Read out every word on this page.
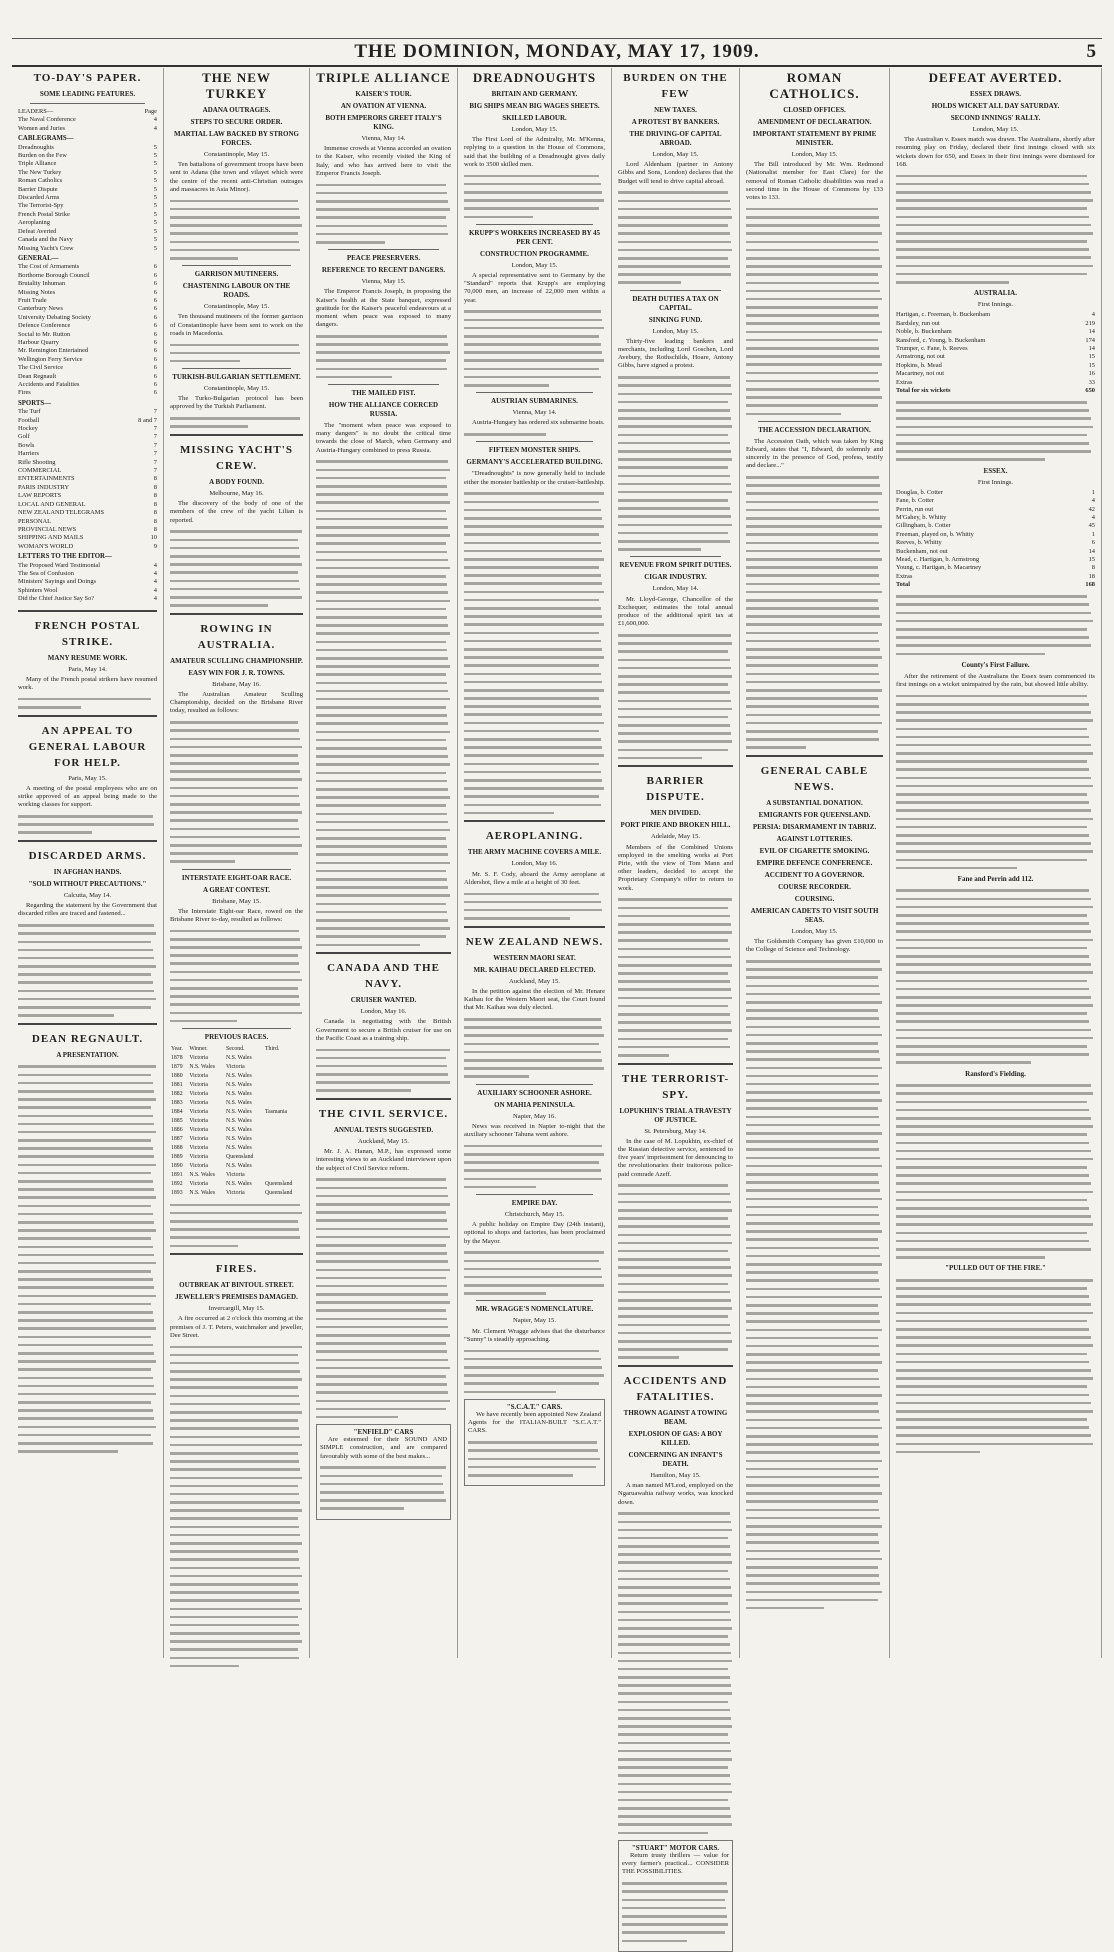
THE DOMINION, MONDAY, MAY 17, 1909.	5
TO-DAY'S PAPER.
SOME LEADING FEATURES.
LEADERS—	Page
The Naval Conference	4
Women and Juries	4
CABLEGRAMS—
Dreadnoughts	5
Burden on the Few	5
Triple Alliance	5
The New Turkey	5
Roman Catholics	5
Barrier Dispute	5
Discarded Arms	5
The Terrorist-Spy	5
French Postal Strike	5
Aeroplaning	5
Defeat Averted	5
Canada and the Navy	5
Missing Yacht's Crew	5
GENERAL—
The Cost of Armaments	6
Borthorne Borough Council	6
Brutality Inhuman	6
Missing Notes	6
Fruit Trade	6
Canterbury News	6
University Debating Society	6
Defence Conference	6
Social to Mr. Rutton	6
Harbour Quarry	6
Mr. Remington Entertained	6
Wellington Ferry Service	6
The Civil Service	6
Dean Regnault	6
Accidents and Fatalities	6
Fires	6
SPORTS—
The Turf	7
Football	8 and 7
Hockey	7
Golf	7
Bowls	7
Harriers	7
Rifle Shooting	7
COMMERCIAL	7
ENTERTAINMENTS	8
PARIS INDUSTRY	8
LAW REPORTS	8
LOCAL AND GENERAL	8
NEW ZEALAND TELEGRAMS	8
PERSONAL	8
PROVINCIAL NEWS	8
SHIPPING AND MAILS	10
WOMAN'S WORLD	9
LETTERS TO THE EDITOR—
The Proposed Ward Testimonial	4
The Sea of Confusion	4
Ministers' Sayings and Doings	4
Sphinters Wool	4
Did the Chief Justice Say So?	4
FRENCH POSTAL STRIKE.
MANY RESUME WORK.
Paris, May 14.

Many of the French postal strikers have resumed work.

AN APPEAL TO GENERAL LABOUR FOR HELP.
Paris, May 15.

A meeting of the postal employees who are on strike approved of an appeal being made to the working classes for support.

DISCARDED ARMS.
IN AFGHAN HANDS.
"SOLD WITHOUT PRECAUTIONS."
Calcutta, May 14.

Regarding the statement by the Government that discarded rifles are traced and fastened...

DEAN REGNAULT.
A PRESENTATION.
THE NEW TURKEY
ADANA OUTRAGES.
STEPS TO SECURE ORDER.
MARTIAL LAW BACKED BY STRONG FORCES.
Constantinople, May 15.

Ten battalions of government troops have been sent to Adana (the town and vilayet which were the centre of the recent anti-Christian outrages and massacres in Asia Minor).

GARRISON MUTINEERS.
CHASTENING LABOUR ON THE ROADS.
Constantinople, May 15.

Ten thousand mutineers of the former garrison of Constantinople have been sent to work on the roads in Macedonia.

TURKISH-BULGARIAN SETTLEMENT.
Constantinople, May 15.

The Turko-Bulgarian protocol has been approved by the Turkish Parliament.

MISSING YACHT'S CREW.
A BODY FOUND.
Melbourne, May 16.

The discovery of the body of one of the members of the crew of the yacht Lilian is reported.

ROWING IN AUSTRALIA.
AMATEUR SCULLING CHAMPIONSHIP.
EASY WIN FOR J. R. TOWNS.
Brisbane, May 16.

The Australian Amateur Sculling Championship, decided on the Brisbane River today, resulted as follows:

INTERSTATE EIGHT-OAR RACE.
A GREAT CONTEST.
Brisbane, May 15.

The Interstate Eight-oar Race, rowed on the Brisbane River to-day, resulted as follows:

PREVIOUS RACES.
Year.	Winner.	Second.	Third.
1878	Victoria	N.S. Wales	
1879	N.S. Wales	Victoria	
1880	Victoria	N.S. Wales	
1881	Victoria	N.S. Wales	
1882	Victoria	N.S. Wales	
1883	Victoria	N.S. Wales	
1884	Victoria	N.S. Wales	Tasmania
1885	Victoria	N.S. Wales	
1886	Victoria	N.S. Wales	
1887	Victoria	N.S. Wales	
1888	Victoria	N.S. Wales	
1889	Victoria	Queensland	
1890	Victoria	N.S. Wales	
1891	N.S. Wales	Victoria	
1892	Victoria	N.S. Wales	Queensland
1893	N.S. Wales	Victoria	Queensland
FIRES.
OUTBREAK AT BINTOUL STREET.
JEWELLER'S PREMISES DAMAGED.
Invercargill, May 15.

A fire occurred at 2 o'clock this morning at the premises of J. T. Peters, watchmaker and jeweller, Dee Street.

TRIPLE ALLIANCE
KAISER'S TOUR.
AN OVATION AT VIENNA.
BOTH EMPERORS GREET ITALY'S KING.
Vienna, May 14.

Immense crowds at Vienna accorded an ovation to the Kaiser, who recently visited the King of Italy, and who has arrived here to visit the Emperor Francis Joseph.

PEACE PRESERVERS.
REFERENCE TO RECENT DANGERS.
Vienna, May 15.

The Emperor Francis Joseph, in proposing the Kaiser's health at the State banquet, expressed gratitude for the Kaiser's peaceful endeavours at a moment when peace was exposed to many dangers.

THE MAILED FIST.
HOW THE ALLIANCE COERCED RUSSIA.

The "moment when peace was exposed to many dangers" is no doubt the critical time towards the close of March, when Germany and Austria-Hungary combined to press Russia.

CANADA AND THE NAVY.
CRUISER WANTED.
London, May 16.

Canada is negotiating with the British Government to secure a British cruiser for use on the Pacific Coast as a training ship.

THE CIVIL SERVICE.
ANNUAL TESTS SUGGESTED.
Auckland, May 15.

Mr. J. A. Hanan, M.P., has expressed some interesting views to an Auckland interviewer upon the subject of Civil Service reform.

"ENFIELD" CARS

Are esteemed for their SOUND AND SIMPLE construction, and are compared favourably with some of the best makes...

DREADNOUGHTS
BRITAIN AND GERMANY.
BIG SHIPS MEAN BIG WAGES SHEETS.
SKILLED LABOUR.
London, May 15.

The First Lord of the Admiralty, Mr. M'Kenna, replying to a question in the House of Commons, said that the building of a Dreadnought gives daily work to 3500 skilled men.

KRUPP'S WORKERS INCREASED BY 45 PER CENT.
CONSTRUCTION PROGRAMME.
London, May 15.

A special representative sent to Germany by the "Standard" reports that Krupp's are employing 70,000 men, an increase of 22,000 men within a year.

AUSTRIAN SUBMARINES.
Vienna, May 14.

Austria-Hungary has ordered six submarine boats.

FIFTEEN MONSTER SHIPS.
GERMANY'S ACCELERATED BUILDING.

"Dreadnoughts" is now generally held to include either the monster battleship or the cruiser-battleship.

AEROPLANING.
THE ARMY MACHINE COVERS A MILE.
London, May 16.

Mr. S. F. Cody, aboard the Army aeroplane at Aldershot, flew a mile at a height of 30 feet.

NEW ZEALAND NEWS.
WESTERN MAORI SEAT.
MR. KAIHAU DECLARED ELECTED.
Auckland, May 15.

In the petition against the election of Mr. Henare Kaihau for the Western Maori seat, the Court found that Mr. Kaihau was duly elected.

AUXILIARY SCHOONER ASHORE.
ON MAHIA PENINSULA.
Napier, May 16.

News was received in Napier to-night that the auxiliary schooner Tahuna went ashore.

EMPIRE DAY.
Christchurch, May 15.

A public holiday on Empire Day (24th instant), optional to shops and factories, has been proclaimed by the Mayor.

MR. WRAGGE'S NOMENCLATURE.
Napier, May 15.

Mr. Clement Wragge advises that the disturbance "Sunny" is steadily approaching.

"S.C.A.T." CARS.

We have recently been appointed New Zealand Agents for the ITALIAN-BUILT "S.C.A.T." CARS.

BURDEN ON THE FEW
NEW TAXES.
A PROTEST BY BANKERS.
THE DRIVING-OF CAPITAL ABROAD.
London, May 15.

Lord Aldenham (partner in Antony Gibbs and Sons, London) declares that the Budget will tend to drive capital abroad.

DEATH DUTIES A TAX ON CAPITAL.
SINKING FUND.
London, May 15.

Thirty-five leading bankers and merchants, including Lord Goschen, Lord Avebury, the Rothschilds, Hoare, Antony Gibbs, have signed a protest.

REVENUE FROM SPIRIT DUTIES.
CIGAR INDUSTRY.
London, May 14.

Mr. Lloyd-George, Chancellor of the Exchequer, estimates the total annual produce of the additional spirit tax at £1,600,000.

BARRIER DISPUTE.
MEN DIVIDED.
PORT PIRIE AND BROKEN HILL.
Adelaide, May 15.

Members of the Combined Unions employed in the smelting works at Port Pirie, with the view of Tom Mann and other leaders, decided to accept the Proprietary Company's offer to return to work.

THE TERRORIST-SPY.
LOPUKHIN'S TRIAL A TRAVESTY OF JUSTICE.
St. Petersburg, May 14.

In the case of M. Lopukhin, ex-chief of the Russian detective service, sentenced to five years' imprisonment for denouncing to the revolutionaries their traitorous police-paid comrade Azeff.

ACCIDENTS AND FATALITIES.
THROWN AGAINST A TOWING BEAM.
EXPLOSION OF GAS: A BOY KILLED.
CONCERNING AN INFANT'S DEATH.
Hamilton, May 15.

A man named M'Leod, employed on the Ngaruawahia railway works, was knocked down.

"STUART" MOTOR CARS.

Return trusty thrillers — value for every farmer's practical... CONSIDER THE POSSIBILITIES.

ROMAN CATHOLICS.
CLOSED OFFICES.
AMENDMENT OF DECLARATION.
IMPORTANT STATEMENT BY PRIME MINISTER.
London, May 15.

The Bill introduced by Mr. Wm. Redmond (Nationalist member for East Clare) for the removal of Roman Catholic disabilities was read a second time in the House of Commons by 133 votes to 133.

THE ACCESSION DECLARATION.

The Accession Oath, which was taken by King Edward, states that "I, Edward, do solemnly and sincerely in the presence of God, profess, testify and declare..."

GENERAL CABLE NEWS.
A SUBSTANTIAL DONATION.
EMIGRANTS FOR QUEENSLAND.
PERSIA: DISARMAMENT IN TABRIZ.
AGAINST LOTTERIES.
EVIL OF CIGARETTE SMOKING.
EMPIRE DEFENCE CONFERENCE.
ACCIDENT TO A GOVERNOR.
COURSE RECORDER.
COURSING.
AMERICAN CADETS TO VISIT SOUTH SEAS.
London, May 15.

The Goldsmith Company has given £10,000 to the College of Science and Technology.

DEFEAT AVERTED.
ESSEX DRAWS.
HOLDS WICKET ALL DAY SATURDAY.
SECOND INNINGS' RALLY.
London, May 15.

The Australian v. Essex match was drawn. The Australians, shortly after resuming play on Friday, declared their first innings closed with six wickets down for 650, and Essex in their first innings were dismissed for 168.

AUSTRALIA.
First Innings.
Hartigan, c. Freeman, b. Buckenham	4
Bardsley, run out	219
Noble, b. Buckenham	14
Ransford, c. Young, b. Buckenham	174
Trumper, c. Fane, b. Reeves	14
Armstrong, not out	15
Hopkins, b. Mead	15
Macartney, not out	16
Extras	33
Total for six wickets	650
ESSEX.
First Innings.
Douglas, b. Cotter	1
Fane, b. Cotter	4
Perrin, run out	42
M'Gahey, b. Whitty	4
Gillingham, b. Cotter	45
Freeman, played on, b. Whitty	1
Reeves, b. Whitty	6
Buckenham, not out	14
Mead, c. Hartigan, b. Armstrong	15
Young, c. Hartigan, b. Macartney	8
Extras	18
Total	168
County's First Failure.

After the retirement of the Australians the Essex team commenced its first innings on a wicket unimpaired by the rain, but showed little ability.

Fane and Perrin add 112.
Ransford's Fielding.
"PULLED OUT OF THE FIRE."
